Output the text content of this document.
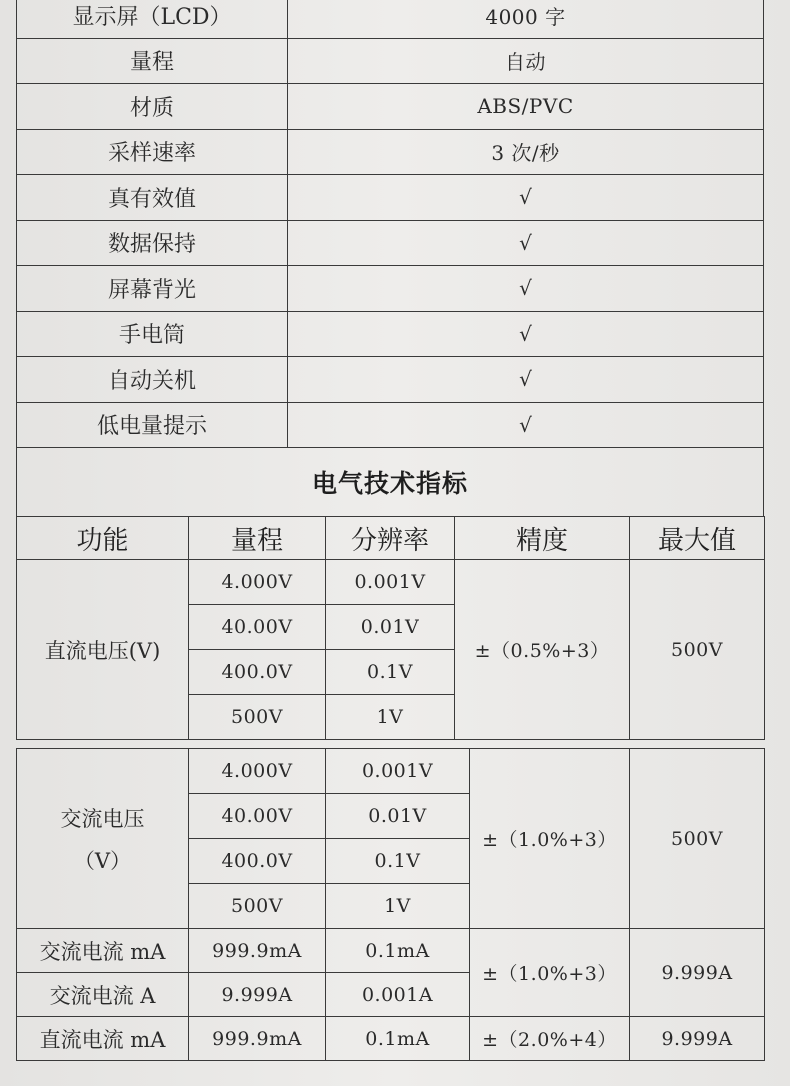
显示屏（LCD）	4000 字
量程	自动
材质	ABS/PVC
采样速率	3 次/秒
真有效值	√
数据保持	√
屏幕背光	√
手电筒	√
自动关机	√
低电量提示	√
电气技术指标
功能	量程	分辨率	精度	最大值
直流电压(V)	4.000V	0.001V	±（0.5%+3）	500V
	40.00V	0.01V		
	400.0V	0.1V		
	500V	1V		
交流电压
（V）	4.000V	0.001V	±（1.0%+3）	500V
	40.00V	0.01V		
	400.0V	0.1V		
	500V	1V		
交流电流 mA	999.9mA	0.1mA	±（1.0%+3）	9.999A
交流电流 A	9.999A	0.001A		
直流电流 mA	999.9mA	0.1mA	±（2.0%+4）	9.999A
